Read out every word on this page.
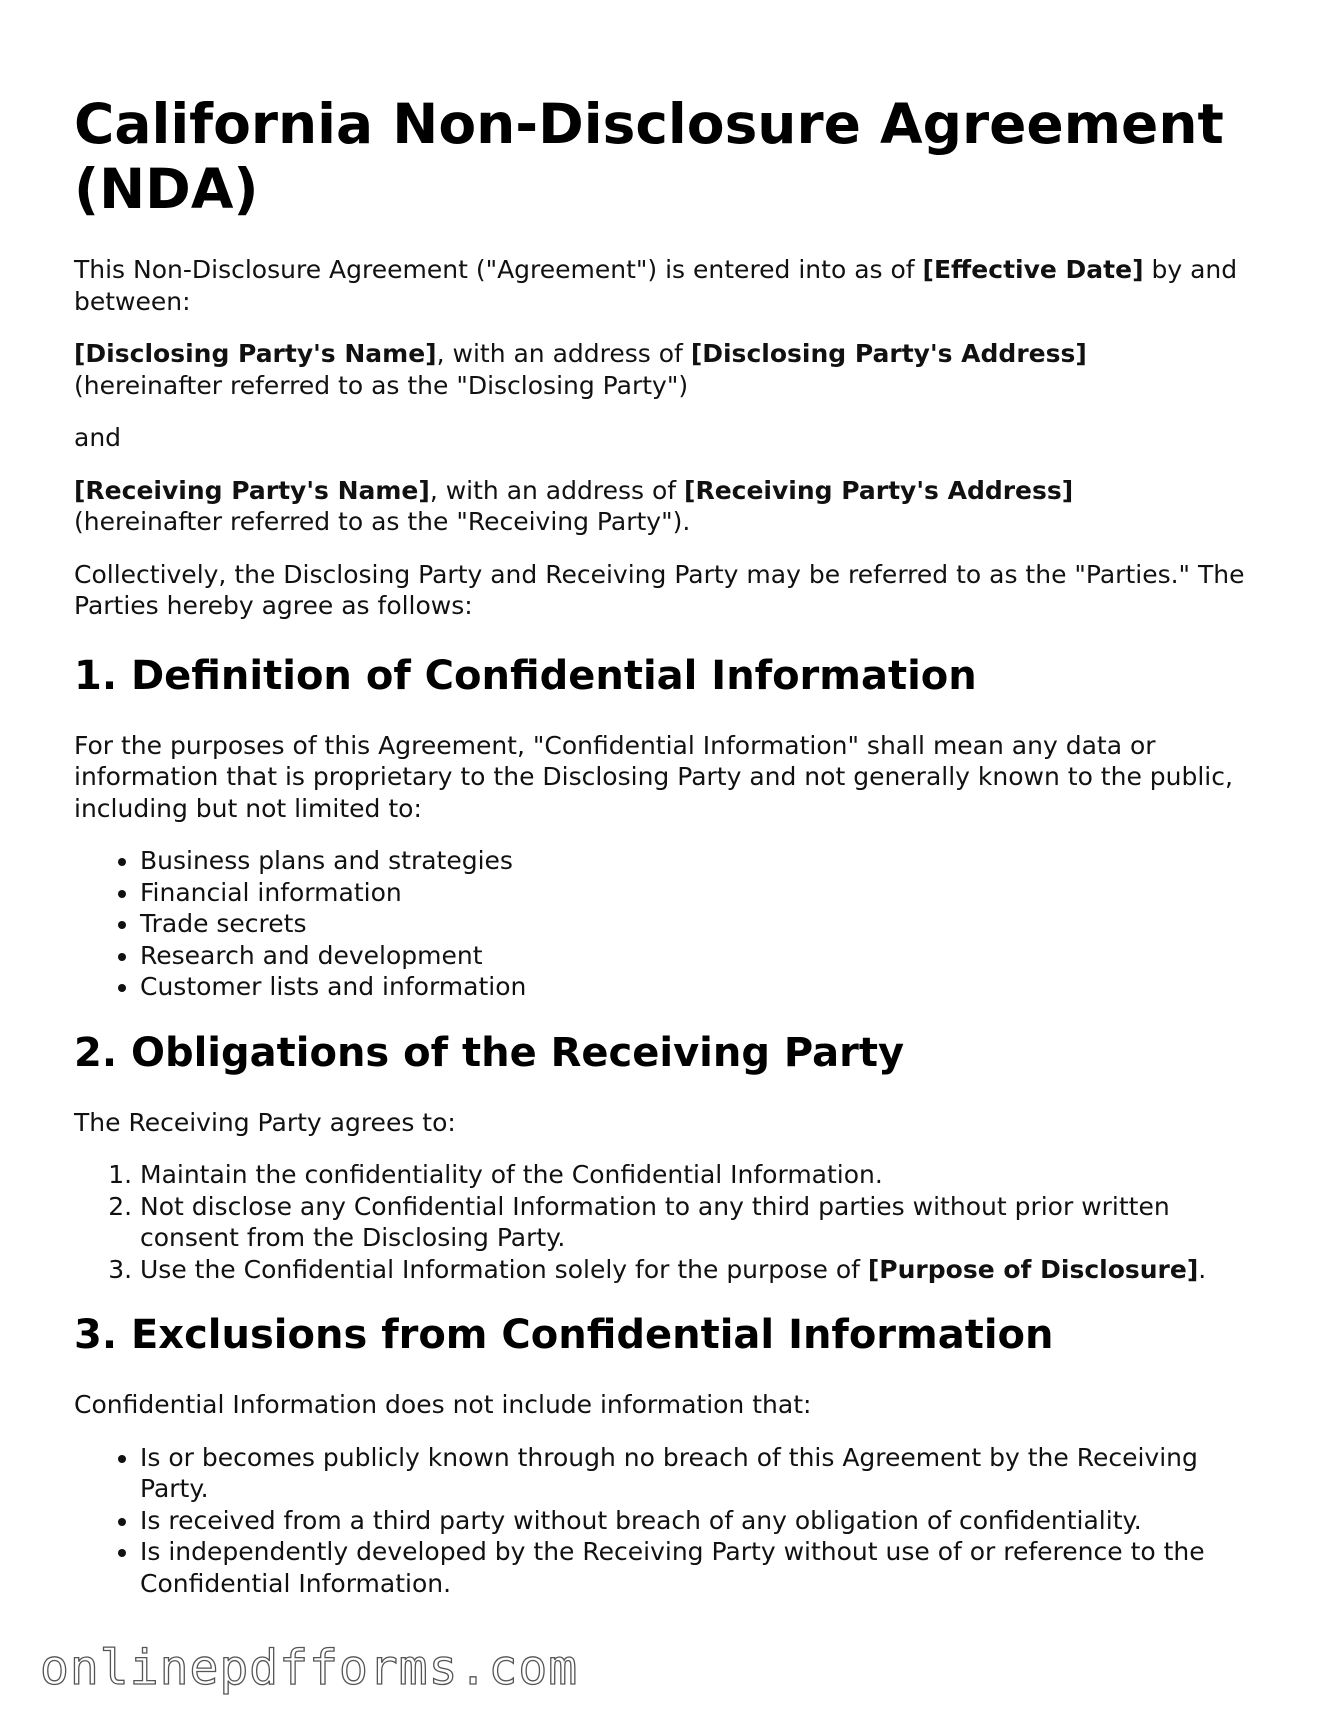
California Non-Disclosure Agreement (NDA)

This Non-Disclosure Agreement ("Agreement") is entered into as of [Effective Date] by and between:

[Disclosing Party's Name], with an address of [Disclosing Party's Address]
(hereinafter referred to as the "Disclosing Party")

and

[Receiving Party's Name], with an address of [Receiving Party's Address]
(hereinafter referred to as the "Receiving Party").

Collectively, the Disclosing Party and Receiving Party may be referred to as the "Parties." The Parties hereby agree as follows:

1. Definition of Confidential Information

For the purposes of this Agreement, "Confidential Information" shall mean any data or information that is proprietary to the Disclosing Party and not generally known to the public, including but not limited to:

• Business plans and strategies
• Financial information
• Trade secrets
• Research and development
• Customer lists and information
2. Obligations of the Receiving Party

The Receiving Party agrees to:

1. Maintain the confidentiality of the Confidential Information.
2. Not disclose any Confidential Information to any third parties without prior written consent from the Disclosing Party.
3. Use the Confidential Information solely for the purpose of [Purpose of Disclosure].
3. Exclusions from Confidential Information

Confidential Information does not include information that:

• Is or becomes publicly known through no breach of this Agreement by the Receiving Party.
• Is received from a third party without breach of any obligation of confidentiality.
• Is independently developed by the Receiving Party without use of or reference to the Confidential Information.
onlinepdfforms.com
